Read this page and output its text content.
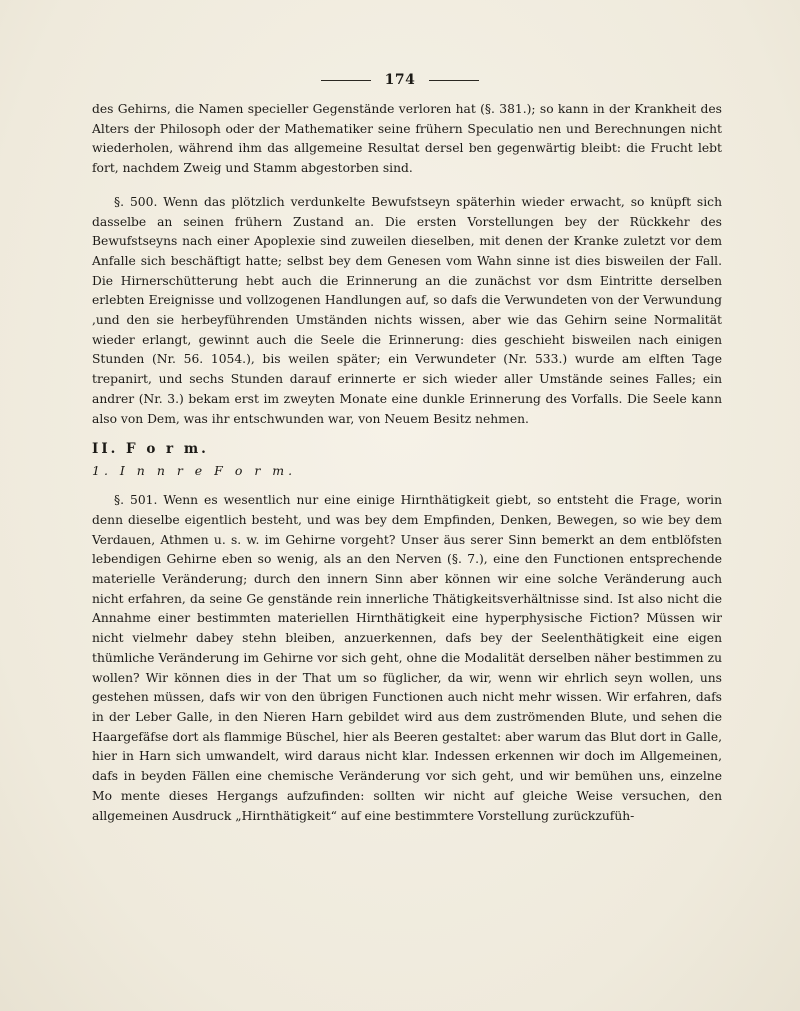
174

des Gehirns, die Namen specieller Gegenstände verloren hat (§. 381.); so kann in der Krankheit des Alters der Philosoph oder der Mathematiker seine frühern Speculatio nen und Berechnungen nicht wiederholen, während ihm das allgemeine Resultat dersel ben gegenwärtig bleibt: die Frucht lebt fort, nachdem Zweig und Stamm abgestorben sind.

§. 500. Wenn das plötzlich verdunkelte Bewufstseyn späterhin wieder erwacht, so knüpft sich dasselbe an seinen frühern Zustand an. Die ersten Vorstellungen bey der Rückkehr des Bewufstseyns nach einer Apoplexie sind zuweilen dieselben, mit denen der Kranke zuletzt vor dem Anfalle sich beschäftigt hatte; selbst bey dem Genesen vom Wahn sinne ist dies bisweilen der Fall. Die Hirnerschütterung hebt auch die Erinnerung an die zunächst vor dsm Eintritte derselben erlebten Ereignisse und vollzogenen Handlungen auf, so dafs die Verwundeten von der Verwundung ,und den sie herbeyführenden Umständen nichts wissen, aber wie das Gehirn seine Normalität wieder erlangt, gewinnt auch die Seele die Erinnerung: dies geschieht bisweilen nach einigen Stunden (Nr. 56. 1054.), bis weilen später; ein Verwundeter (Nr. 533.) wurde am elften Tage trepanirt, und sechs Stunden darauf erinnerte er sich wieder aller Umstände seines Falles; ein andrer (Nr. 3.) bekam erst im zweyten Monate eine dunkle Erinnerung des Vorfalls. Die Seele kann also von Dem, was ihr entschwunden war, von Neuem Besitz nehmen.

II. F o r m.

1. I n n r e F o r m.

§. 501. Wenn es wesentlich nur eine einige Hirnthätigkeit giebt, so entsteht die Frage, worin denn dieselbe eigentlich besteht, und was bey dem Empfinden, Denken, Bewegen, so wie bey dem Verdauen, Athmen u. s. w. im Gehirne vorgeht? Unser äus serer Sinn bemerkt an dem entblöfsten lebendigen Gehirne eben so wenig, als an den Nerven (§. 7.), eine den Functionen entsprechende materielle Veränderung; durch den innern Sinn aber können wir eine solche Veränderung auch nicht erfahren, da seine Ge genstände rein innerliche Thätigkeitsverhältnisse sind. Ist also nicht die Annahme einer bestimmten materiellen Hirnthätigkeit eine hyperphysische Fiction? Müssen wir nicht vielmehr dabey stehn bleiben, anzuerkennen, dafs bey der Seelenthätigkeit eine eigen thümliche Veränderung im Gehirne vor sich geht, ohne die Modalität derselben näher bestimmen zu wollen? Wir können dies in der That um so füglicher, da wir, wenn wir ehrlich seyn wollen, uns gestehen müssen, dafs wir von den übrigen Functionen auch nicht mehr wissen. Wir erfahren, dafs in der Leber Galle, in den Nieren Harn gebildet wird aus dem zuströmenden Blute, und sehen die Haargefäfse dort als flammige Büschel, hier als Beeren gestaltet: aber warum das Blut dort in Galle, hier in Harn sich umwandelt, wird daraus nicht klar. Indessen erkennen wir doch im Allgemeinen, dafs in beyden Fällen eine chemische Veränderung vor sich geht, und wir bemühen uns, einzelne Mo mente dieses Hergangs aufzufinden: sollten wir nicht auf gleiche Weise versuchen, den allgemeinen Ausdruck „Hirnthätigkeit“ auf eine bestimmtere Vorstellung zurückzufüh-
